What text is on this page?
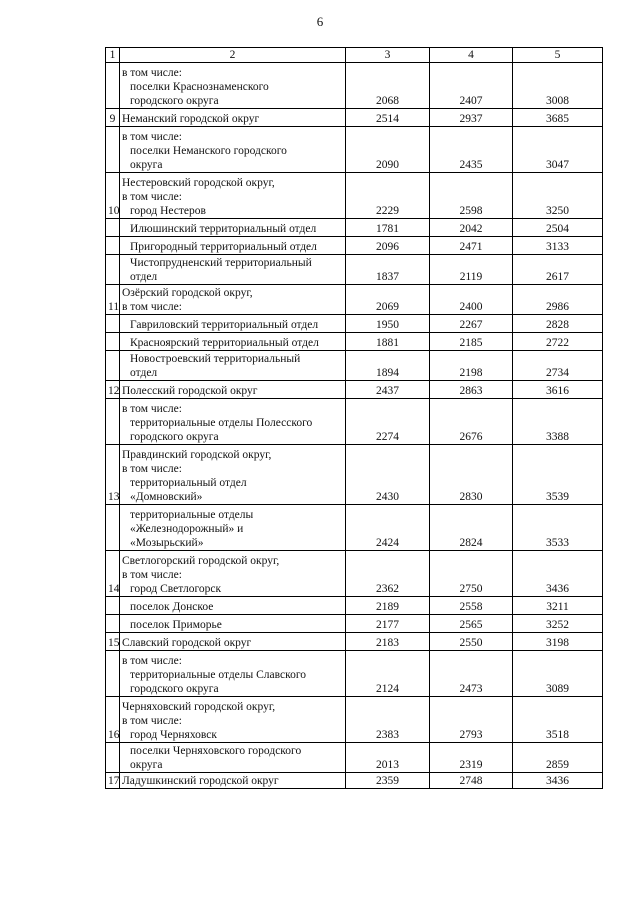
6
1	2	3	4	5

	в том числе:
поселки Краснознаменского
городского округа	2068	2407	3008
9	Неманский городской округ	2514	2937	3685

	в том числе:
поселки Неманского городского
округа	2090	2435	3047
10	Нестеровский городской округ,
в том числе:
город Нестеров	2229	2598	3250

	Илюшинский территориальный отдел	1781	2042	2504

	Пригородный территориальный отдел	2096	2471	3133

	Чистопрудненский территориальный
отдел	1837	2119	2617
11	Озёрский городской округ,
в том числе:	2069	2400	2986

	Гавриловский территориальный отдел	1950	2267	2828

	Красноярский территориальный отдел	1881	2185	2722

	Новостроевский территориальный
отдел	1894	2198	2734
12	Полесский городской округ	2437	2863	3616

	в том числе:
территориальные отделы Полесского
городского округа	2274	2676	3388
13	Правдинский городской округ,
в том числе:
территориальный отдел
«Домновский»	2430	2830	3539

	территориальные отделы
«Железнодорожный» и
«Мозырьский»	2424	2824	3533
14	Светлогорский городской округ,
в том числе:
город Светлогорск	2362	2750	3436

	поселок Донское	2189	2558	3211

	поселок Приморье	2177	2565	3252
15	Славский городской округ	2183	2550	3198

	в том числе:
территориальные отделы Славского
городского округа	2124	2473	3089
16	Черняховский городской округ,
в том числе:
город Черняховск	2383	2793	3518

	поселки Черняховского городского
округа	2013	2319	2859
17	Ладушкинский городской округ	2359	2748	3436
